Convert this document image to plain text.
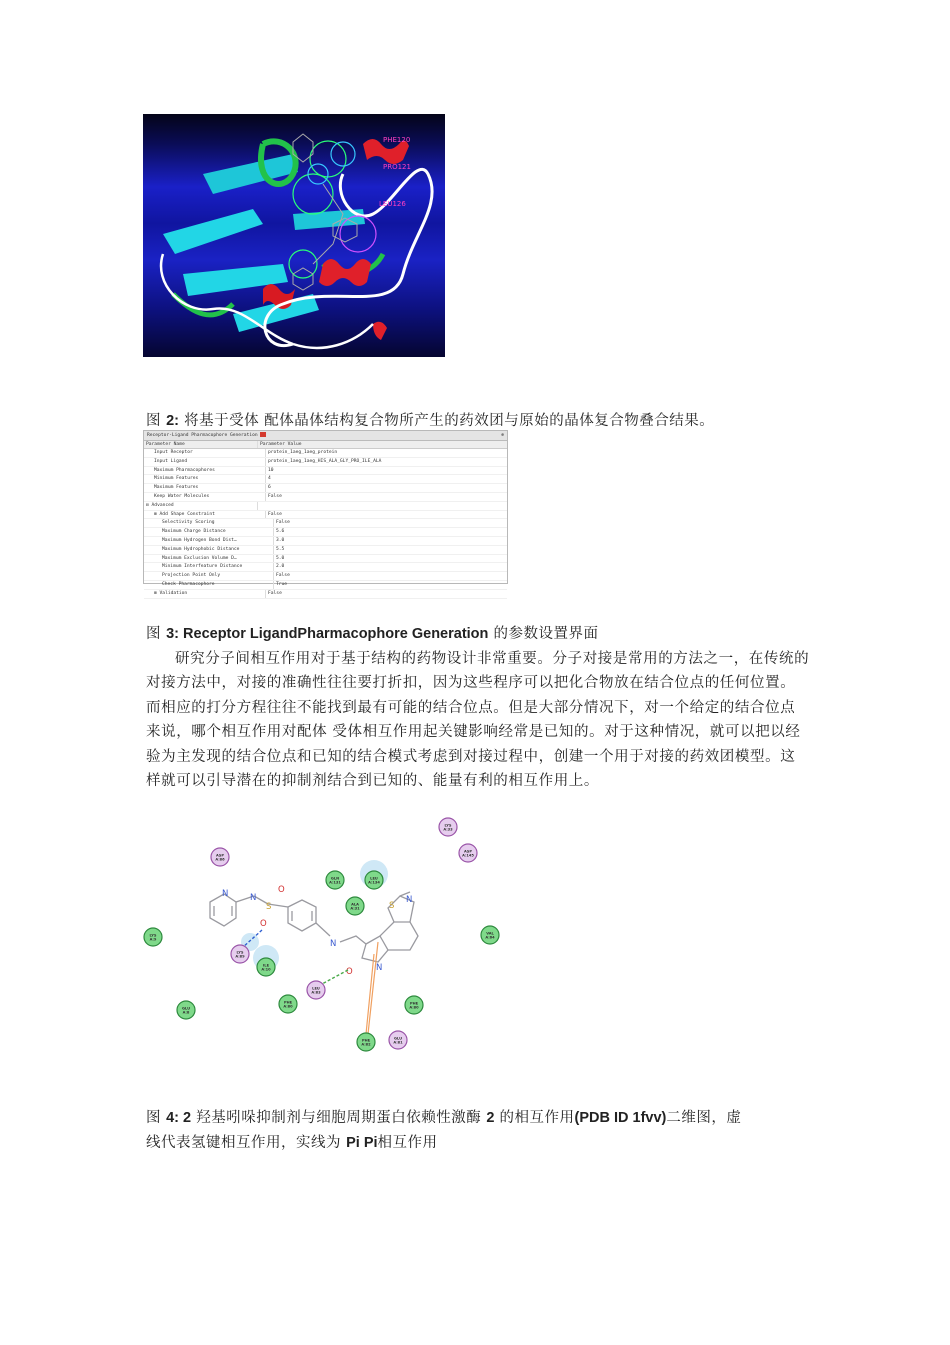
PHE120
PRO121
LEU126
图 2: 将基于受体 配体晶体结构复合物所产生的药效团与原始的晶体复合物叠合结果。
Receptor-Ligand Pharmacophore Generation	⊕
Parameter Name	Parameter Value
Input Receptor	protein_1aeg_1aeg_protein
Input Ligand	protein_1aeg_1aeg_HIS_ALA_GLY_PRO_ILE_ALA
Maximum Pharmacophores	10
Minimum Features	4
Maximum Features	6
Keep Water Molecules	False
⊟ Advanced
⊞ Add Shape Constraint	False
Selectivity Scoring	False
Maximum Charge Distance	5.6
Maximum Hydrogen Bond Dist…	3.0
Maximum Hydrophobic Distance	5.5
Maximum Exclusion Volume D…	5.0
Minimum Interfeature Distance	2.0
Projection Point Only	False
Check Pharmacophore	True
⊞ Validation	False
图 3: Receptor LigandPharmacophore Generation 的参数设置界面

研究分子间相互作用对于基于结构的药物设计非常重要。分子对接是常用的方法之一，在传统的对接方法中，对接的准确性往往要打折扣，因为这些程序可以把化合物放在结合位点的任何位置。而相应的打分方程往往不能找到最有可能的结合位点。但是大部分情况下，对一个给定的结合位点来说，哪个相互作用对配体 受体相互作用起关键影响经常是已知的。对于这种情况，就可以把以经验为主发现的结合位点和已知的结合模式考虑到对接过程中，创建一个用于对接的药效团模型。这样就可以引导潜在的抑制剂结合到已知的、能量有利的相互作用上。

N	N
S
O
O
N
S
N
O	N
LYS
A:33
ASP
A:86
ASP
A:145
GLN
A:131
LEU
A:134
ALA
A:31
LYS
A:9
LYS
A:89
ILE
A:10
VAL
A:64
GLU
A:8
PHE
A:80
LEU
A:83
PHE
A:82
GLU
A:81
PHE
A:80
图 4: 2 羟基吲哚抑制剂与细胞周期蛋白依赖性激酶 2 的相互作用(PDB ID 1fvv)二维图，虚
线代表氢键相互作用，实线为 Pi Pi相互作用
